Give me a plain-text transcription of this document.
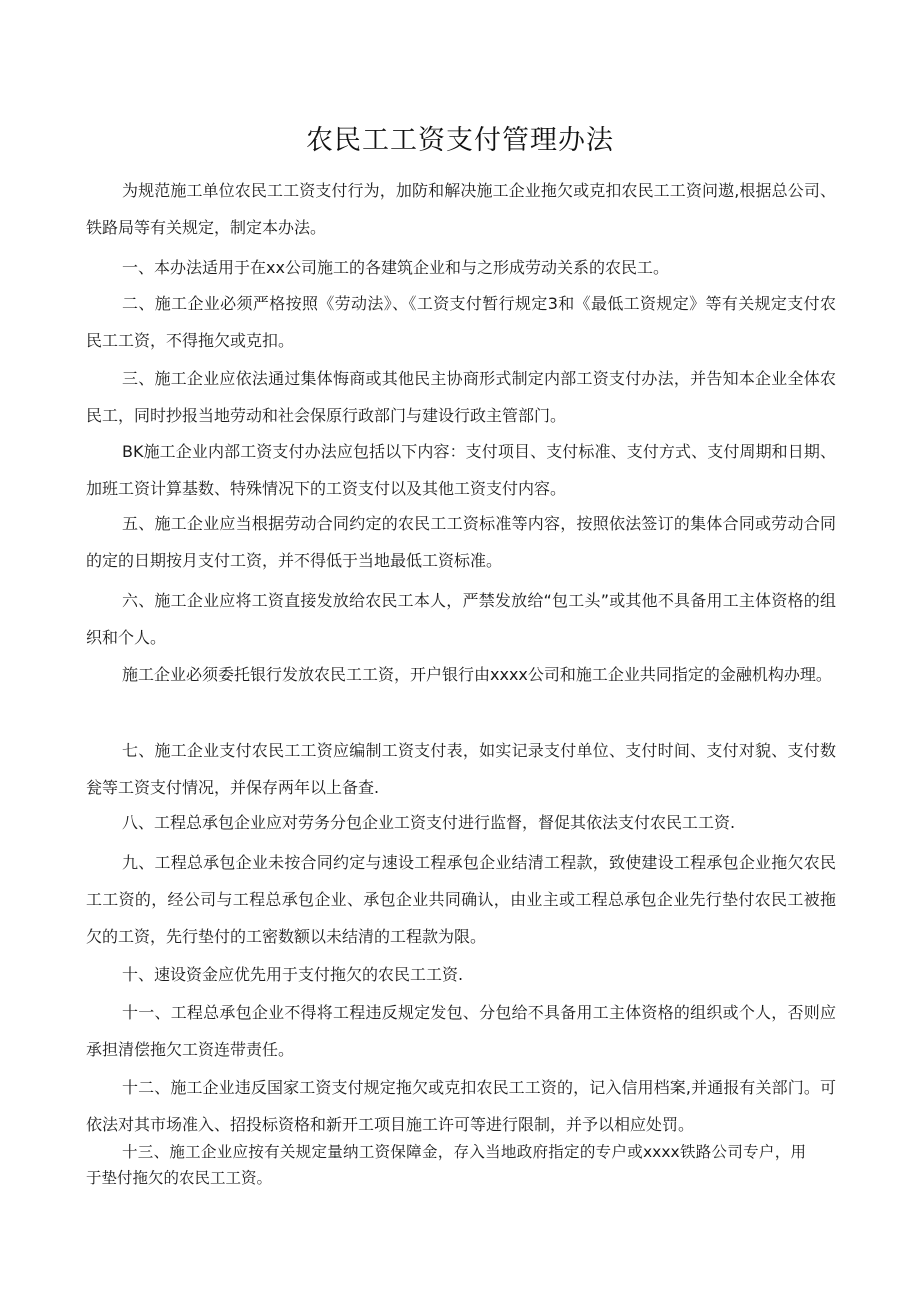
农民工工资支付管理办法

为规范施工单位农民工工资支付行为，加防和解决施工企业拖欠或克扣农民工工资问遨,根据总公司、铁路局等有关规定，制定本办法。

一、本办法适用于在xx公司施工的各建筑企业和与之形成劳动关系的农民工。

二、施工企业必须严格按照《劳动法》、《工资支付暂行规定3和《最低工资规定》等有关规定支付农民工工资，不得拖欠或克扣。

三、施工企业应依法通过集体悔商或其他民主协商形式制定内部工资支付办法，并告知本企业全体农民工，同时抄报当地劳动和社会保原行政部门与建设行政主管部门。

BK施工企业内部工资支付办法应包括以下内容：支付项目、支付标准、支付方式、支付周期和日期、加班工资计算基数、特殊情况下的工资支付以及其他工资支付内容。

五、施工企业应当根据劳动合同约定的农民工工资标准等内容，按照依法签订的集体合同或劳动合同的定的日期按月支付工资，并不得低于当地最低工资标准。

六、施工企业应将工资直接发放给农民工本人，严禁发放给“包工头”或其他不具备用工主体资格的组织和个人。

施工企业必须委托银行发放农民工工资，开户银行由xxxx公司和施工企业共同指定的金融机构办理。

七、施工企业支付农民工工资应编制工资支付表，如实记录支付单位、支付时间、支付对貌、支付数瓮等工资支付情况，并保存两年以上备查.

八、工程总承包企业应对劳务分包企业工资支付进行监督，督促其依法支付农民工工资.

九、工程总承包企业未按合同约定与速设工程承包企业结清工程款，致使建设工程承包企业拖欠农民工工资的，经公司与工程总承包企业、承包企业共同确认，由业主或工程总承包企业先行垫付农民工被拖欠的工资，先行垫付的工密数额以未结清的工程款为限。

十、速设资金应优先用于支付拖欠的农民工工资.

十一、工程总承包企业不得将工程违反规定发包、分包给不具备用工主体资格的组织或个人，否则应承担清偿拖欠工资连带责任。

十二、施工企业违反国家工资支付规定拖欠或克扣农民工工资的，记入信用档案,并通报有关部门。可依法对其市场准入、招投标资格和新开工项目施工许可等进行限制，并予以相应处罚。

十三、施工企业应按有关规定量纳工资保障金，存入当地政府指定的专户或xxxx铁路公司专户，用于垫付拖欠的农民工工资。
